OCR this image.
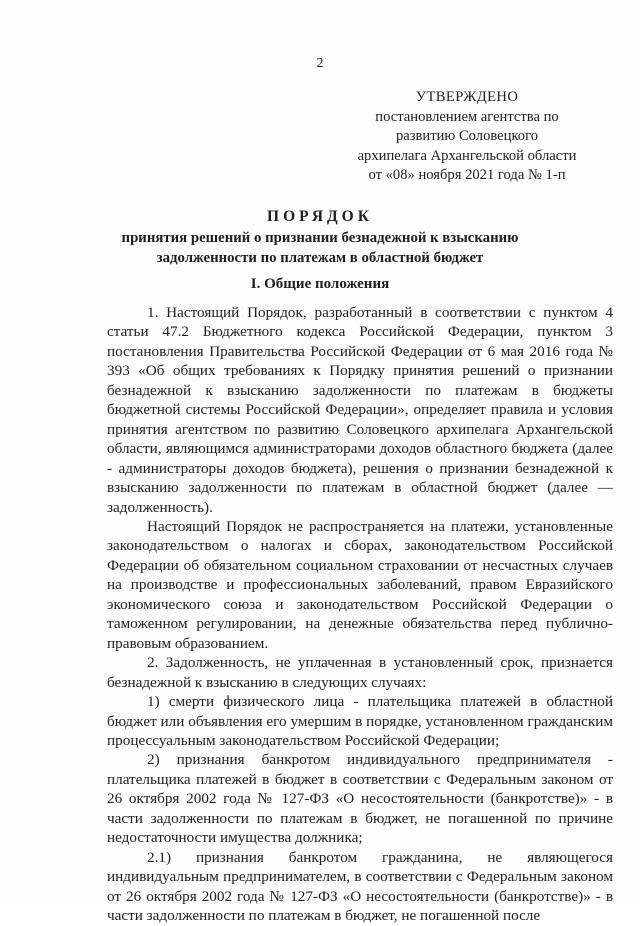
2
УТВЕРЖДЕНО
постановлением агентства по
развитию Соловецкого
архипелага Архангельской области
от «08» ноября 2021 года № 1-п
ПОРЯДОК
принятия решений о признании безнадежной к взысканию задолженности по платежам в областной бюджет
I. Общие положения

1. Настоящий Порядок, разработанный в соответствии с пунктом 4 статьи 47.2 Бюджетного кодекса Российской Федерации, пунктом 3 постановления Правительства Российской Федерации от 6 мая 2016 года № 393 «Об общих требованиях к Порядку принятия решений о признании безнадежной к взысканию задолженности по платежам в бюджеты бюджетной системы Российской Федерации», определяет правила и условия принятия агентством по развитию Соловецкого архипелага Архангельской области, являющимся администраторами доходов областного бюджета (далее - администраторы доходов бюджета), решения о признании безнадежной к взысканию задолженности по платежам в областной бюджет (далее — задолженность).

Настоящий Порядок не распространяется на платежи, установленные законодательством о налогах и сборах, законодательством Российской Федерации об обязательном социальном страховании от несчастных случаев на производстве и профессиональных заболеваний, правом Евразийского экономического союза и законодательством Российской Федерации о таможенном регулировании, на денежные обязательства перед публично-правовым образованием.

2. Задолженность, не уплаченная в установленный срок, признается безнадежной к взысканию в следующих случаях:

1) смерти физического лица - плательщика платежей в областной бюджет или объявления его умершим в порядке, установленном гражданским процессуальным законодательством Российской Федерации;

2) признания банкротом индивидуального предпринимателя - плательщика платежей в бюджет в соответствии с Федеральным законом от 26 октября 2002 года № 127-ФЗ «О несостоятельности (банкротстве)» - в части задолженности по платежам в бюджет, не погашенной по причине недостаточности имущества должника;

2.1) признания банкротом гражданина, не являющегося индивидуальным предпринимателем, в соответствии с Федеральным законом от 26 октября 2002 года № 127-ФЗ «О несостоятельности (банкротстве)» - в части задолженности по платежам в бюджет, не погашенной после
